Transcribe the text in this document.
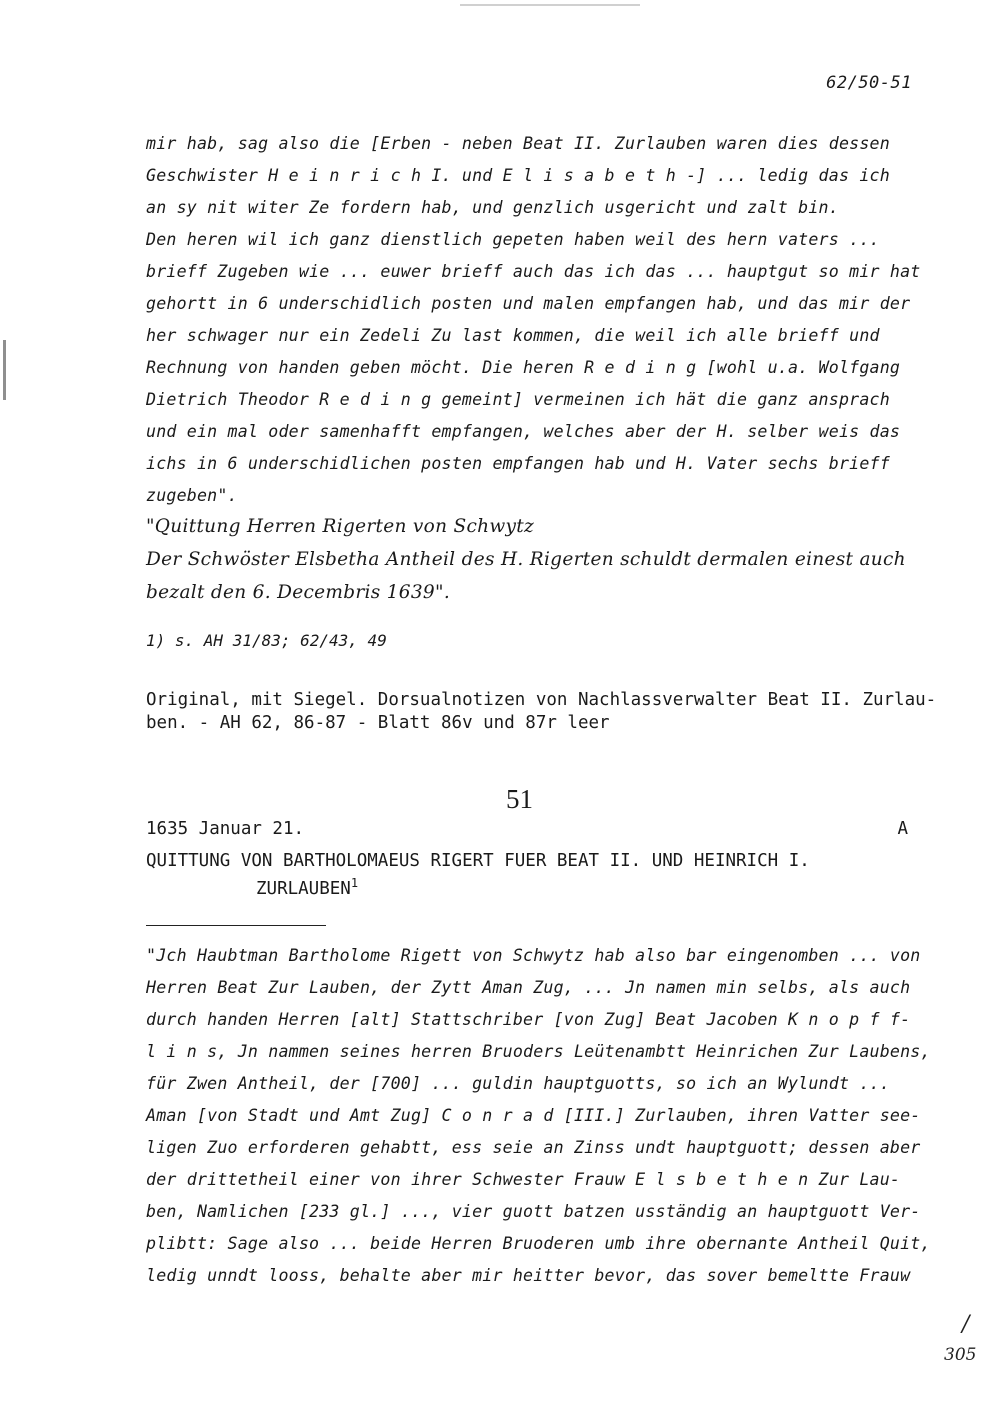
62/50-51
mir hab, sag also die [Erben - neben Beat II. Zurlauben waren dies dessen
Geschwister H e i n r i c h I. und E l i s a b e t h -] ... ledig das ich
an sy nit witer Ze fordern hab, und genzlich usgericht und zalt bin.
Den heren wil ich ganz dienstlich gepeten haben weil des hern vaters ...
brieff Zugeben wie ... euwer brieff auch das ich das ... hauptgut so mir hat
gehortt in 6 underschidlich posten und malen empfangen hab, und das mir der
her schwager nur ein Zedeli Zu last kommen, die weil ich alle brieff und
Rechnung von handen geben möcht. Die heren R e d i n g [wohl u.a. Wolfgang
Dietrich Theodor R e d i n g gemeint] vermeinen ich hät die ganz ansprach
und ein mal oder samenhafft empfangen, welches aber der H. selber weis das
ichs in 6 underschidlichen posten empfangen hab und H. Vater sechs brieff
zugeben".
"Quittung Herren Rigerten von Schwytz
Der Schwöster Elsbetha Antheil des H. Rigerten schuldt dermalen einest auch
bezalt den 6. Decembris 1639".
1) s. AH 31/83; 62/43, 49
Original, mit Siegel. Dorsualnotizen von Nachlassverwalter Beat II. Zurlau-
ben. - AH 62, 86-87 - Blatt 86v und 87r leer
51
1635 Januar 21.	A
QUITTUNG VON BARTHOLOMAEUS RIGERT FUER BEAT II. UND HEINRICH I.
ZURLAUBEN$^1$
"Jch Haubtman Bartholome Rigett von Schwytz hab also bar eingenomben ... von
Herren Beat Zur Lauben, der Zytt Aman Zug, ... Jn namen min selbs, als auch
durch handen Herren [alt] Stattschriber [von Zug] Beat Jacoben K n o p f f-
l i n s, Jn nammen seines herren Bruoders Leütenambtt Heinrichen Zur Laubens,
für Zwen Antheil, der [700] ... guldin hauptguotts, so ich an Wylundt ...
Aman [von Stadt und Amt Zug] C o n r a d [III.] Zurlauben, ihren Vatter see-
ligen Zuo erforderen gehabtt, ess seie an Zinss undt hauptguott; dessen aber
der drittetheil einer von ihrer Schwester Frauw E l s b e t h e n Zur Lau-
ben, Namlichen [233 gl.] ..., vier guott batzen usständig an hauptguott Ver-
plibtt: Sage also ... beide Herren Bruoderen umb ihre obernante Antheil Quit,
ledig unndt looss, behalte aber mir heitter bevor, das sover bemeltte Frauw
/
305
